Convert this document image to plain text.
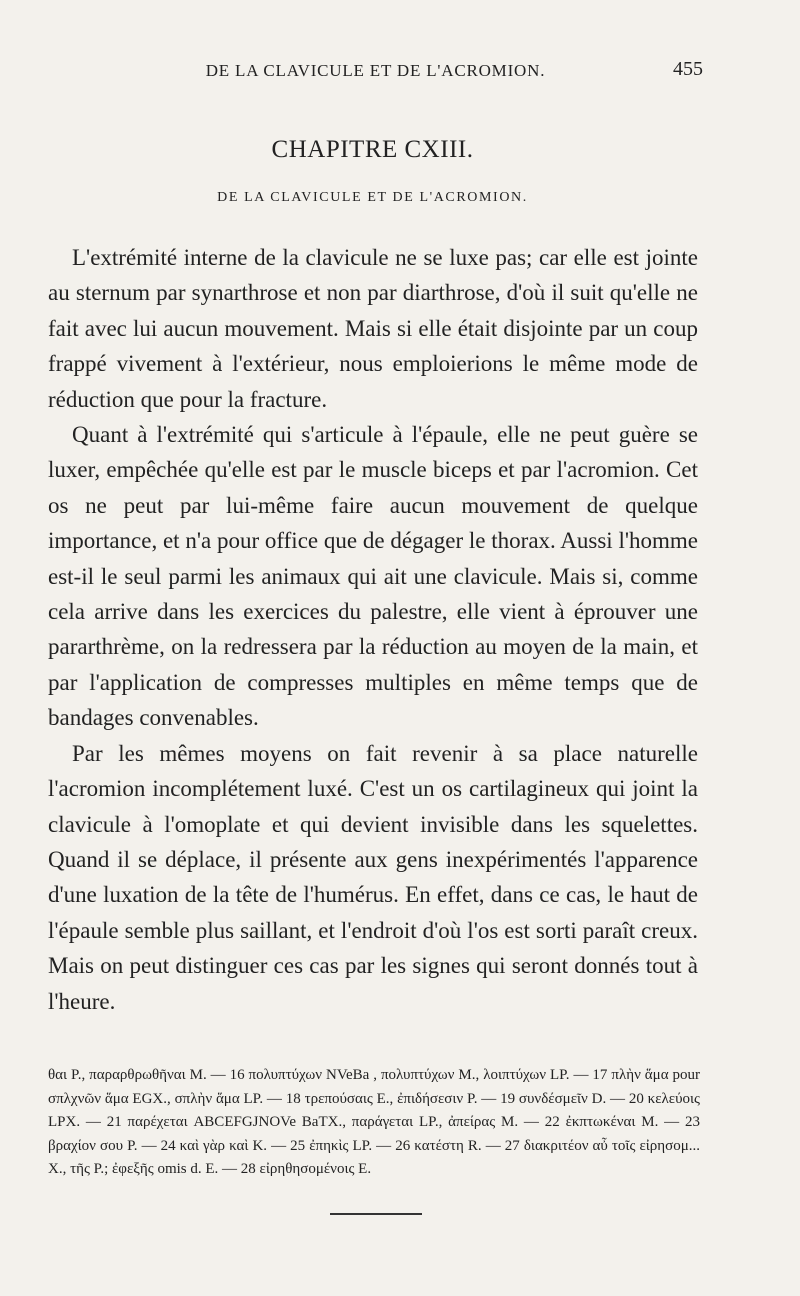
DE LA CLAVICULE ET DE L'ACROMION.	455
CHAPITRE CXIII.
DE LA CLAVICULE ET DE L'ACROMION.

L'extrémité interne de la clavicule ne se luxe pas; car elle est jointe au sternum par synarthrose et non par diarthrose, d'où il suit qu'elle ne fait avec lui aucun mouvement. Mais si elle était disjointe par un coup frappé vivement à l'extérieur, nous emploierions le même mode de réduction que pour la fracture.

Quant à l'extrémité qui s'articule à l'épaule, elle ne peut guère se luxer, empêchée qu'elle est par le muscle biceps et par l'acromion. Cet os ne peut par lui-même faire aucun mouvement de quelque importance, et n'a pour office que de dégager le thorax. Aussi l'homme est-il le seul parmi les animaux qui ait une clavicule. Mais si, comme cela arrive dans les exercices du palestre, elle vient à éprouver une pararthrème, on la redressera par la réduction au moyen de la main, et par l'application de compresses multiples en même temps que de bandages convenables.

Par les mêmes moyens on fait revenir à sa place naturelle l'acromion incomplétement luxé. C'est un os cartilagineux qui joint la clavicule à l'omoplate et qui devient invisible dans les squelettes. Quand il se déplace, il présente aux gens inexpérimentés l'apparence d'une luxation de la tête de l'humérus. En effet, dans ce cas, le haut de l'épaule semble plus saillant, et l'endroit d'où l'os est sorti paraît creux. Mais on peut distinguer ces cas par les signes qui seront donnés tout à l'heure.

θαι P., παραρθρωθῆναι M. — 16 πολυπτύχων NVeBa , πολυπτύχων M., λοιπτύχων LP. — 17 πλὴν ἅμα pour σπλχνῶν ἅμα EGX., σπλὴν ἅμα LP. — 18 τρεπούσαις E., ἐπιδήσεσιν P. — 19 συνδέσμεῖν D. — 20 κελεύοις LPX. — 21 παρέχεται ABCEFGJNOVe BaTX., παράγεται LP., ἀπείρας M. — 22 ἐκπτωκέναι M. — 23 βραχίον σου P. — 24 καὶ γὰρ καὶ K. — 25 ἐπηκὶς LP. — 26 κατέστη R. — 27 διακριτέον αὖ τοῖς εἰρησομ... X., τῆς P.; ἐφεξῆς omis d. E. — 28 εἰρηθησομένοις E.
